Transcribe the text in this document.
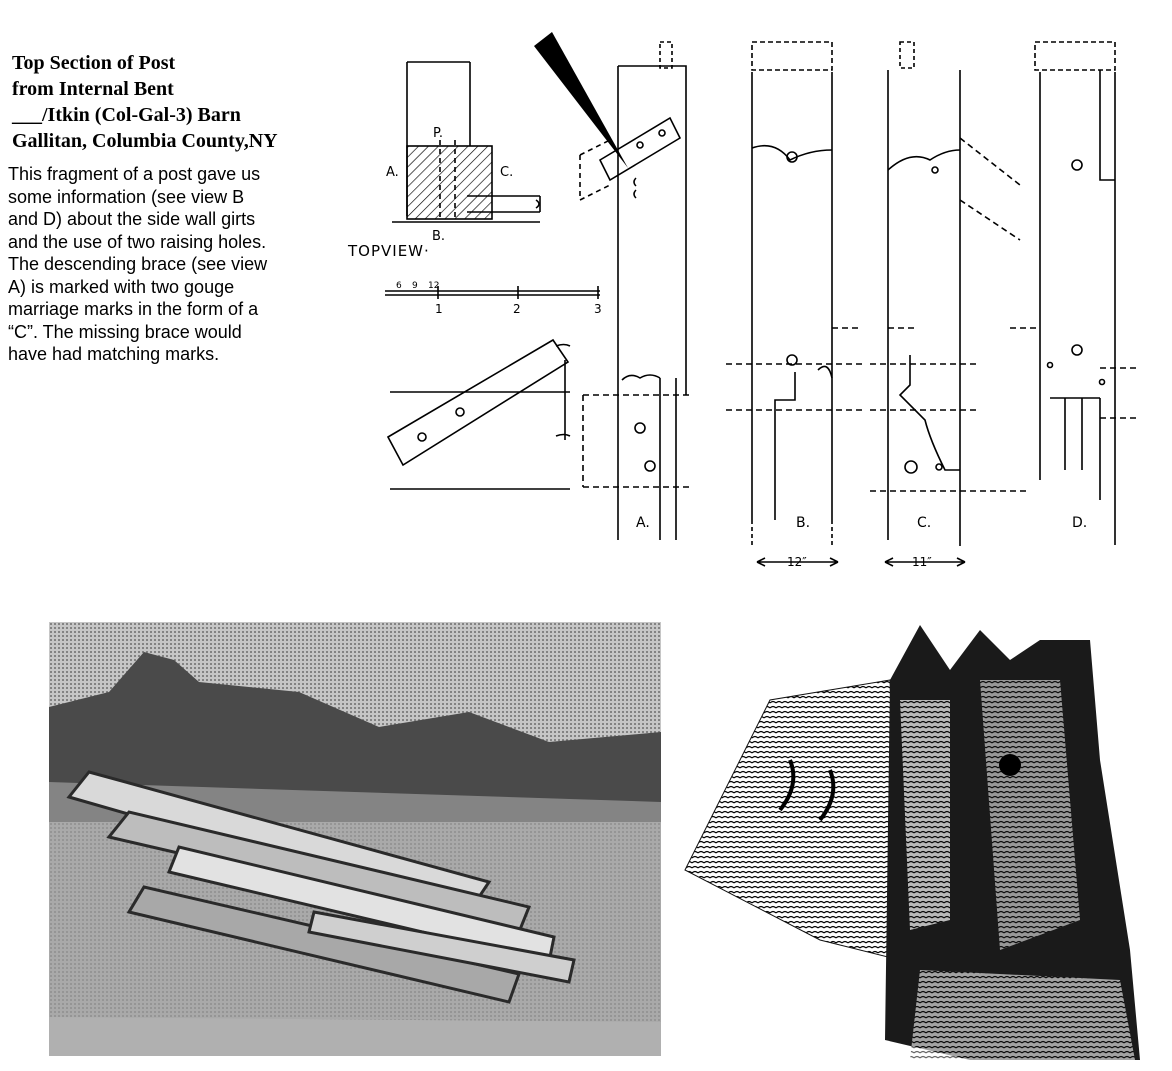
Top Section of Post
from Internal Bent
___/Itkin (Col-Gal-3) Barn
Gallitan, Columbia County,NY
This fragment of a post gave us
some information (see view B
and D) about the side wall girts
and the use of two raising holes.
The descending brace (see view
A) is marked with two gouge
marriage marks in the form of a
“C”. The missing brace would
have had matching marks.
P.
A.	C.
B.
TOPVIEW·
6 9 12
1	2	3
A.	B.	C.	D.
12″	11″
